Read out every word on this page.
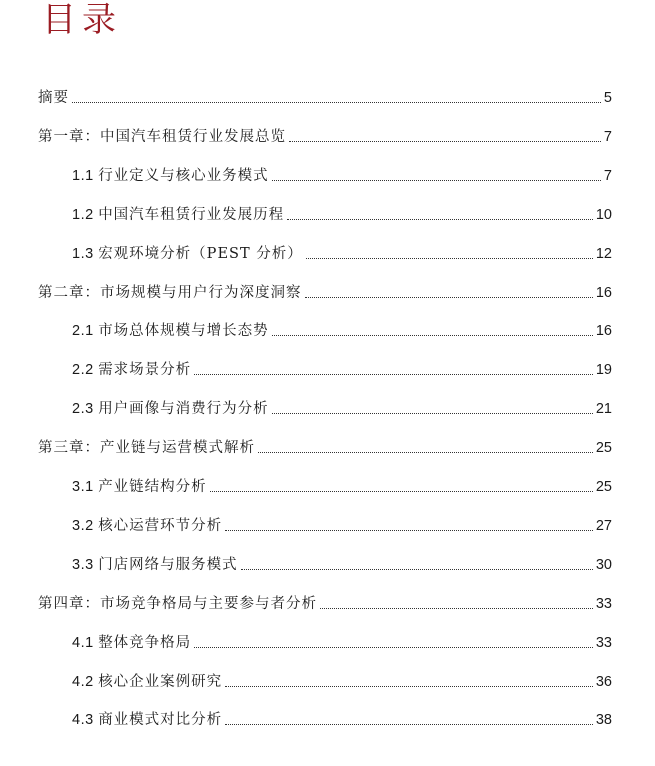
目录
摘要	5
第一章：中国汽车租赁行业发展总览	7
1.1 行业定义与核心业务模式	7
1.2 中国汽车租赁行业发展历程	10
1.3 宏观环境分析（PEST 分析）	12
第二章：市场规模与用户行为深度洞察	16
2.1 市场总体规模与增长态势	16
2.2 需求场景分析	19
2.3 用户画像与消费行为分析	21
第三章：产业链与运营模式解析	25
3.1 产业链结构分析	25
3.2 核心运营环节分析	27
3.3 门店网络与服务模式	30
第四章：市场竞争格局与主要参与者分析	33
4.1 整体竞争格局	33
4.2 核心企业案例研究	36
4.3 商业模式对比分析	38
